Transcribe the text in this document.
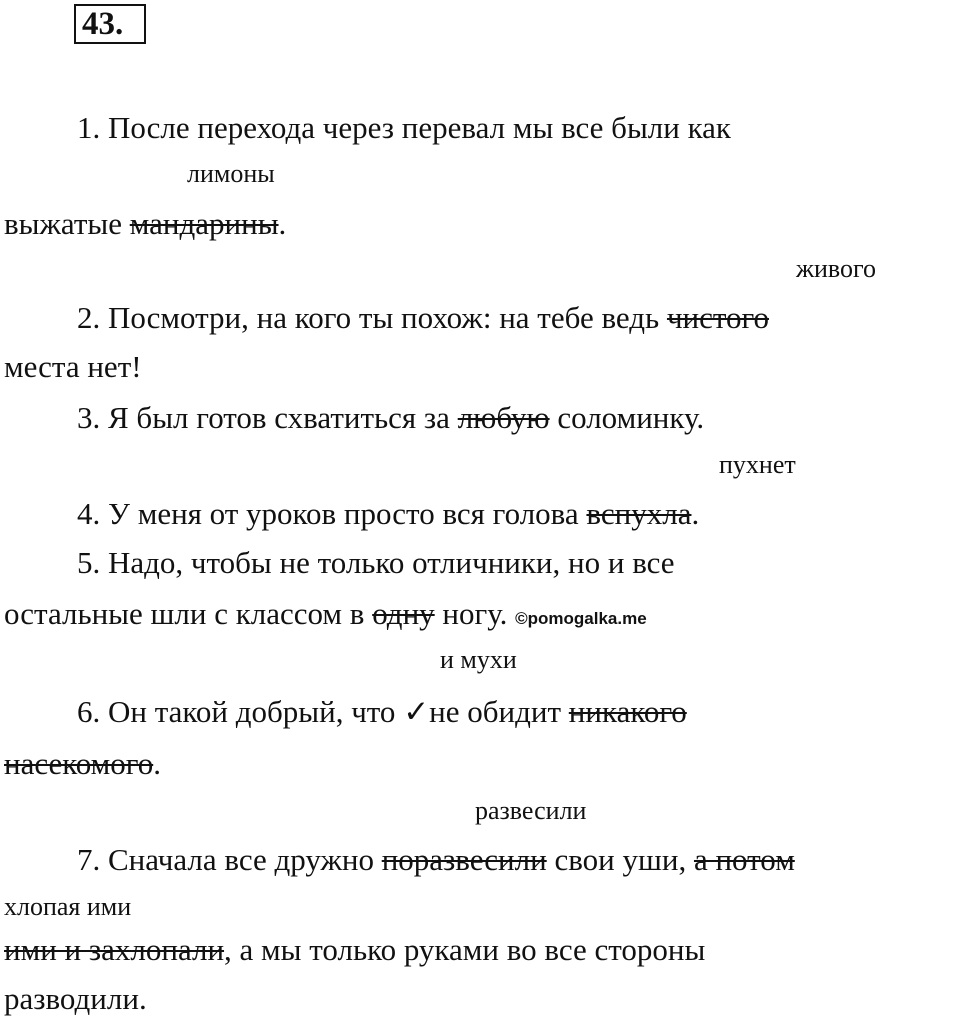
43.
1. После перехода через перевал мы все были как
лимоны
выжатые мандарины.
живого
2. Посмотри, на кого ты похож: на тебе ведь чистого
места нет!
3. Я был готов схватиться за любую соломинку.
пухнет
4. У меня от уроков просто вся голова вспухла.
5. Надо, чтобы не только отличники, но и все
остальные шли с классом в одну ногу. ©pomogalka.me
и мухи
6. Он такой добрый, что ✓не обидит никакого
насекомого.
развесили
7. Сначала все дружно поразвесили свои уши, а потом
хлопая ими
ими и захлопали, а мы только руками во все стороны
разводили.
